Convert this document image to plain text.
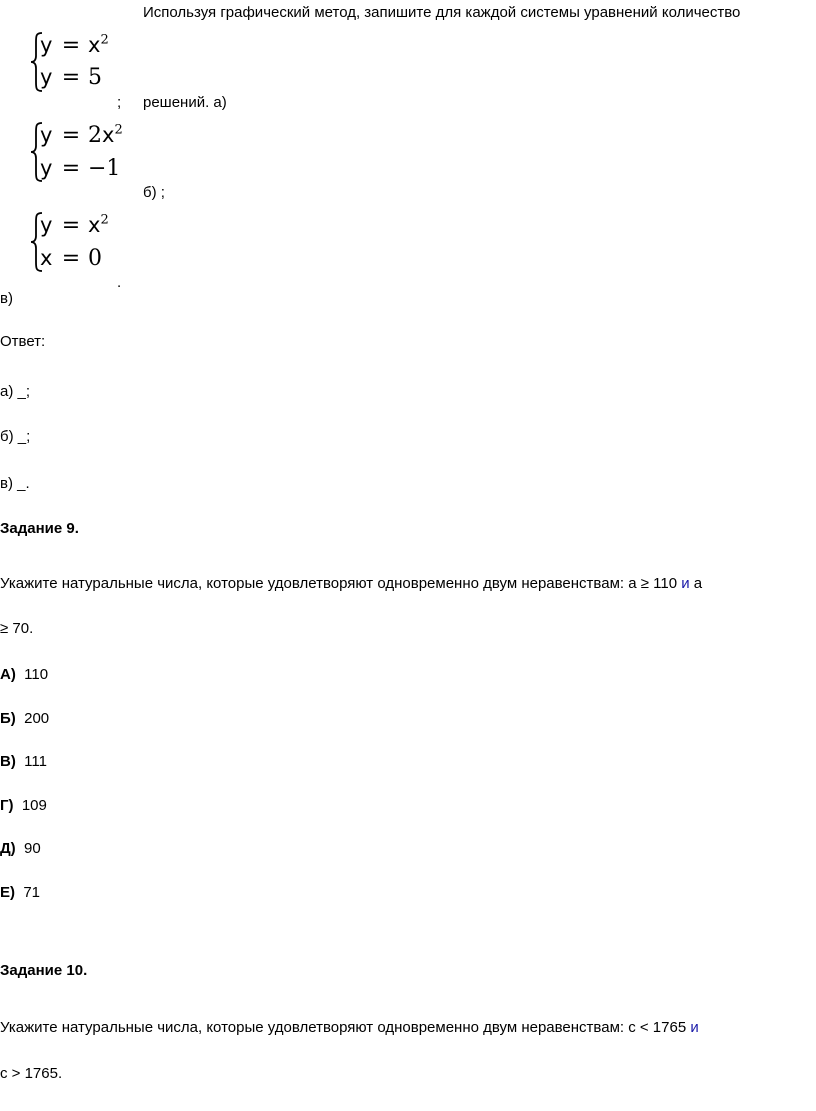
Используя графический метод, запишите для каждой системы уравнений количество
$y = x^2$
y = 5
; решений. а)
$y = 2x^2$
y = −1
б) ;
$y = x^2$
x = 0
.
в)
Ответ:
а) _;
б) _;
в) _.
Задание 9.
Укажите натуральные числа, которые удовлетворяют одновременно двум неравенствам: a ≥ 110 и a
≥ 70.
А) 110
Б) 200
В) 111
Г) 109
Д) 90
Е) 71
Задание 10.
Укажите натуральные числа, которые удовлетворяют одновременно двум неравенствам: c < 1765 и
c > 1765.
